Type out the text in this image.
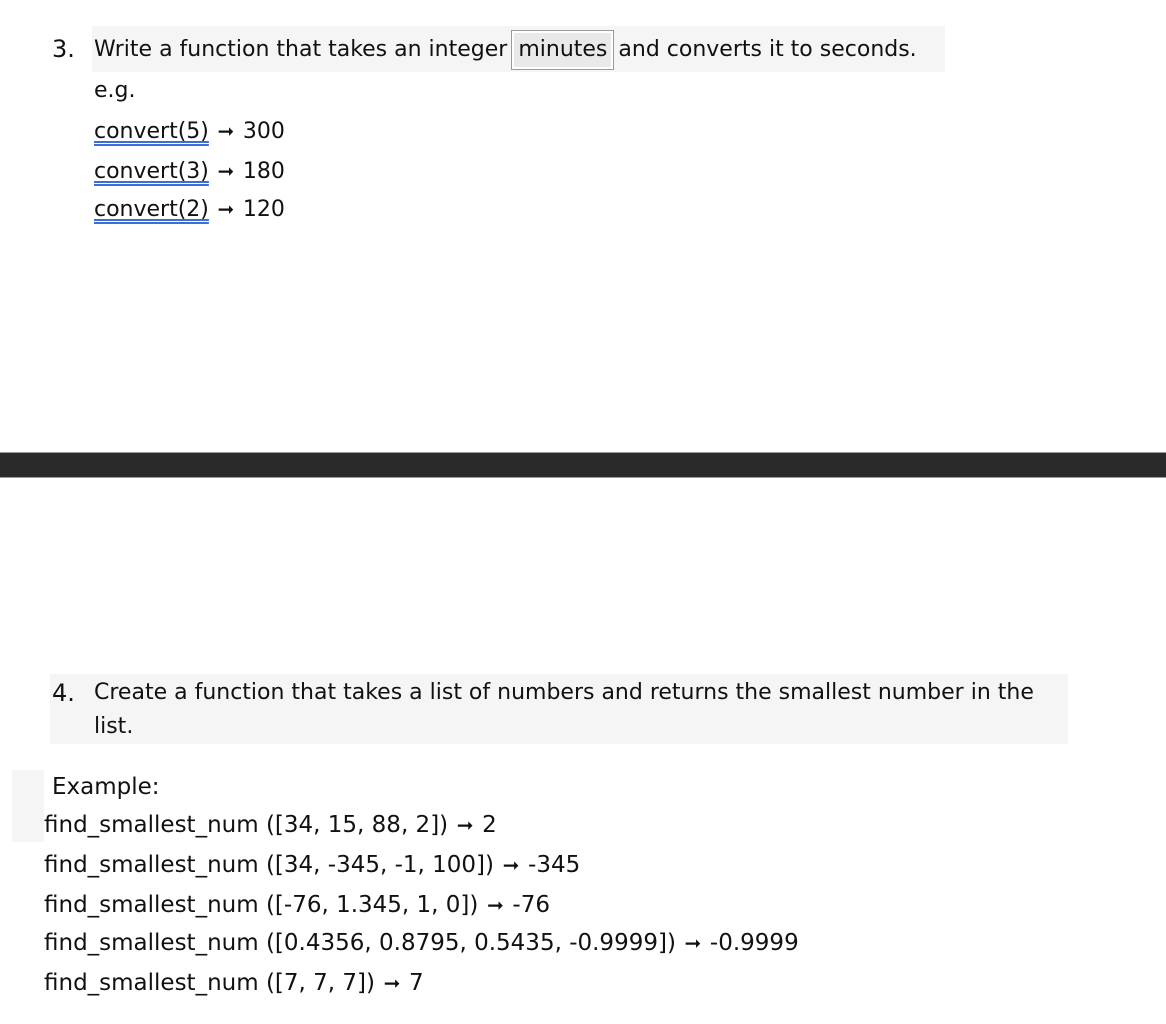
3. Write a function that takes an integer minutes and converts it to seconds.
e.g.
convert(5) ➞ 300
convert(3) ➞ 180
convert(2) ➞ 120
4. Create a function that takes a list of numbers and returns the smallest number in the
list.
Example:
find_smallest_num ([34, 15, 88, 2]) ➞ 2
find_smallest_num ([34, -345, -1, 100]) ➞ -345
find_smallest_num ([-76, 1.345, 1, 0]) ➞ -76
find_smallest_num ([0.4356, 0.8795, 0.5435, -0.9999]) ➞ -0.9999
find_smallest_num ([7, 7, 7]) ➞ 7
